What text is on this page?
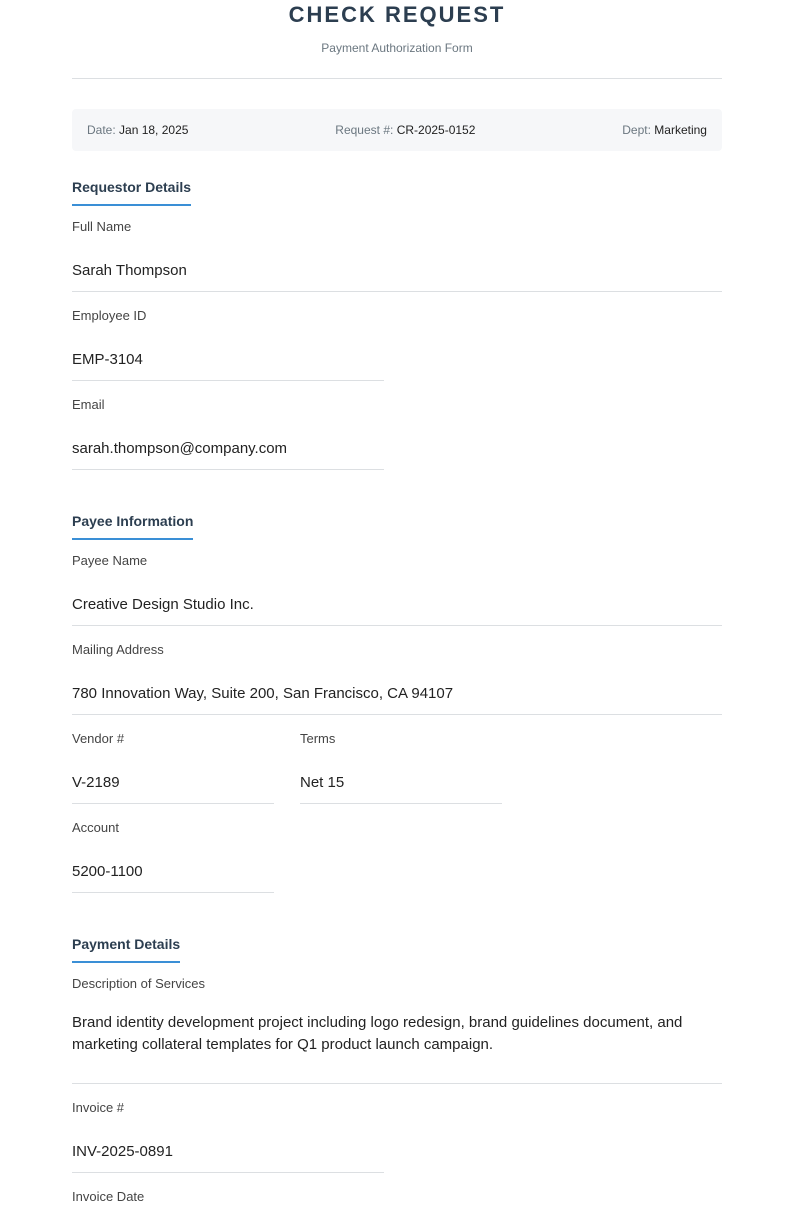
CHECK REQUEST
Payment Authorization Form
Date: Jan 18, 2025	Request #: CR-2025-0152	Dept: Marketing
Requestor Details
Full Name
Sarah Thompson
Employee ID
EMP-3104
Email
sarah.thompson@company.com
Payee Information
Payee Name
Creative Design Studio Inc.
Mailing Address
780 Innovation Way, Suite 200, San Francisco, CA 94107
Vendor #
V-2189
Terms
Net 15
Account
5200-1100
Payment Details
Description of Services
Brand identity development project including logo redesign, brand guidelines document, and marketing collateral templates for Q1 product launch campaign.
Invoice #
INV-2025-0891
Invoice Date
